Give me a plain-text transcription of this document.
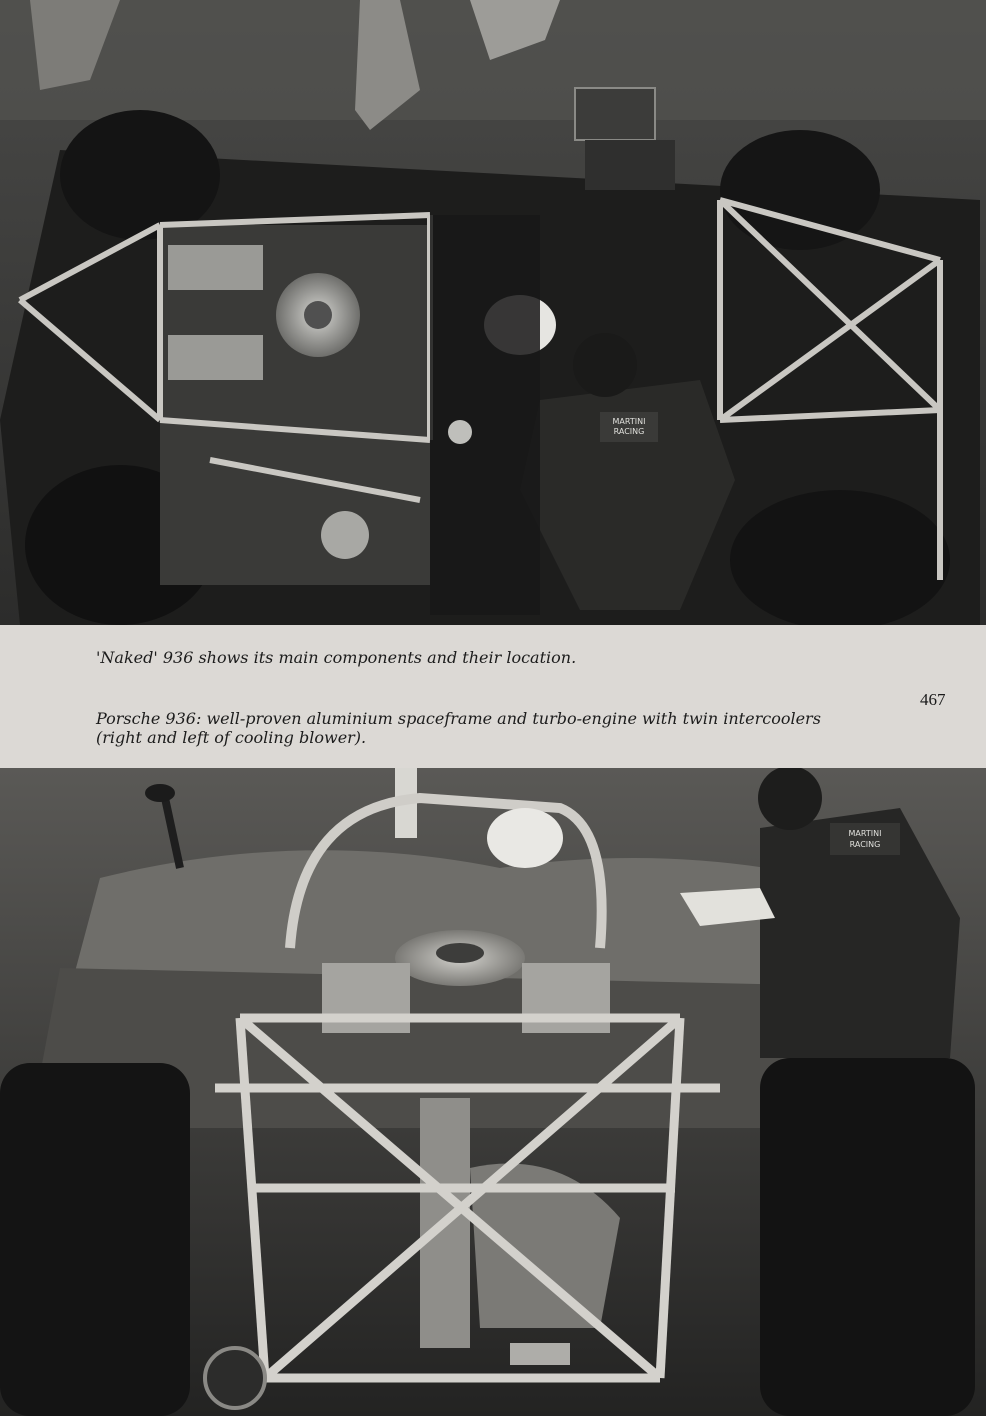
MARTINI
RACING

'Naked' 936 shows its main components and their location.

467

Porsche 936: well-proven aluminium spaceframe and turbo-engine with twin intercoolers
(right and left of cooling blower).

MARTINI
RACING
